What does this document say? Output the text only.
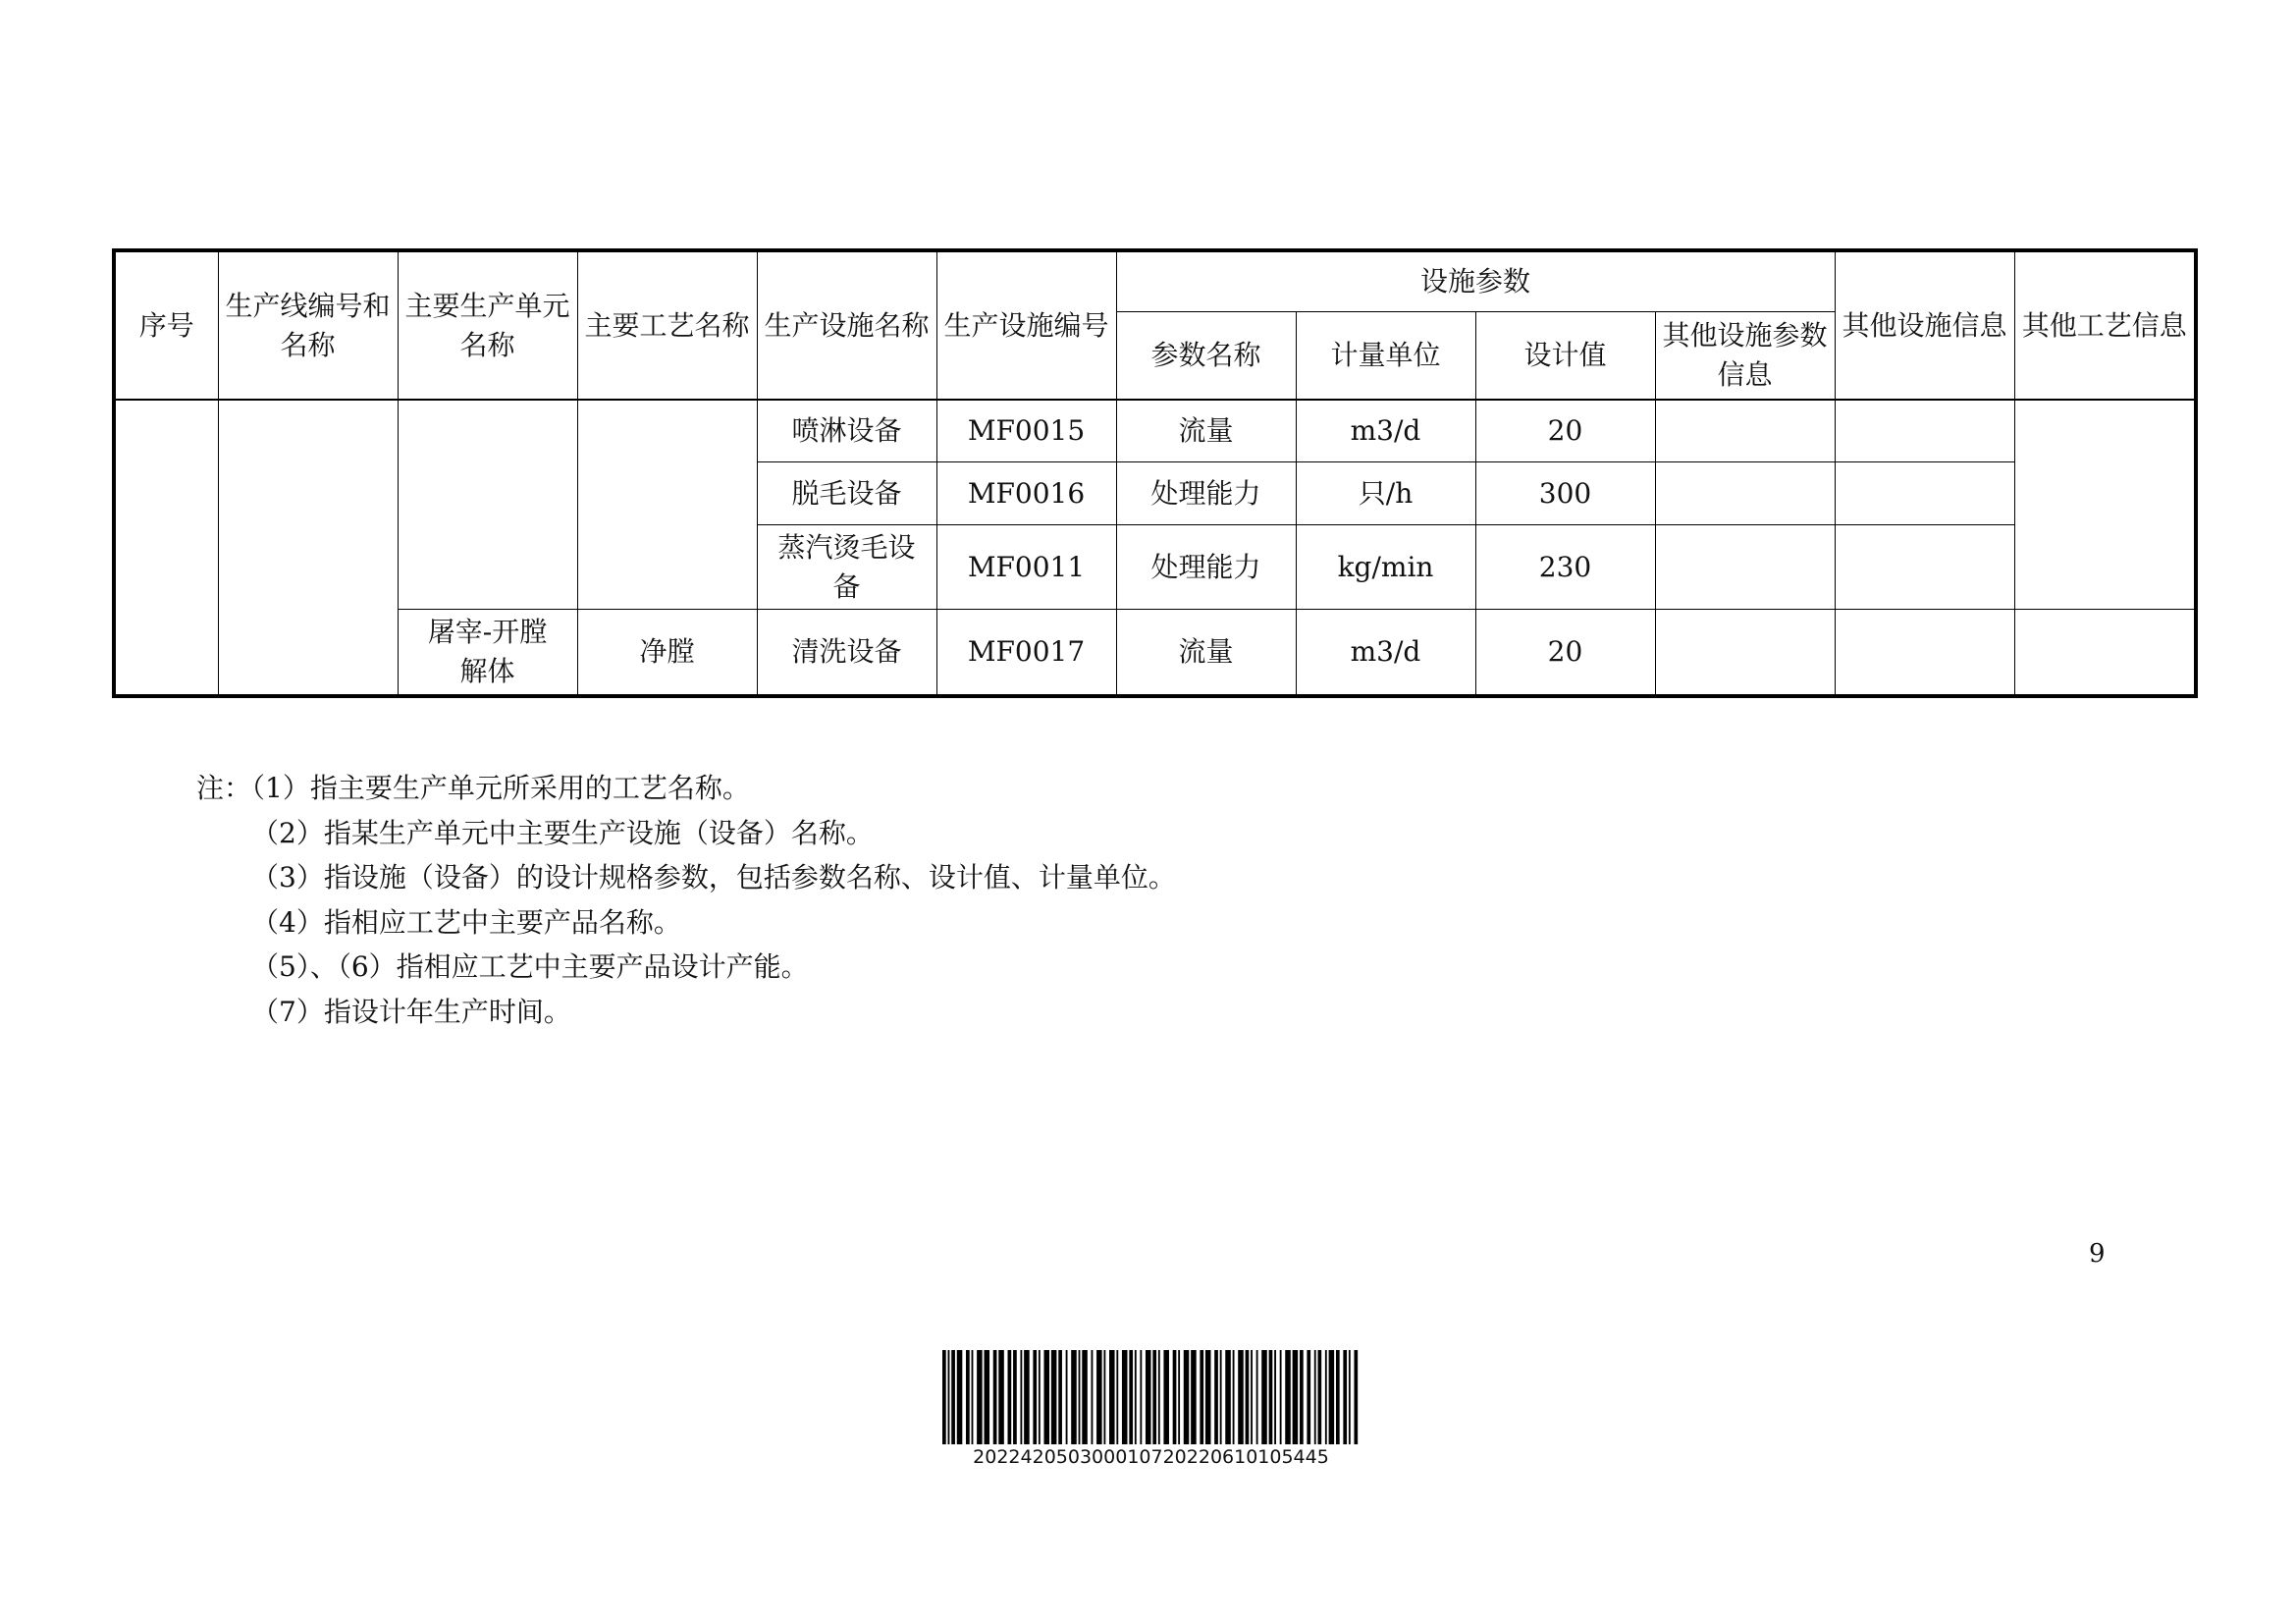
序号	生产线编号和名称	主要生产单元名称	主要工艺名称	生产设施名称	生产设施编号	设施参数				其他设施信息	其他工艺信息
						参数名称	计量单位	设计值	其他设施参数信息		
				喷淋设备	MF0015	流量	m3/d	20			
				脱毛设备	MF0016	处理能力	只/h	300			
				蒸汽烫毛设备	MF0011	处理能力	kg/min	230			
		屠宰-开膛解体	净膛	清洗设备	MF0017	流量	m3/d	20			
注：（1）指主要生产单元所采用的工艺名称。
（2）指某生产单元中主要生产设施（设备）名称。
（3）指设施（设备）的设计规格参数，包括参数名称、设计值、计量单位。
（4）指相应工艺中主要产品名称。
（5）、（6）指相应工艺中主要产品设计产能。
（7）指设计年生产时间。
9
202242050300010720220610105445
